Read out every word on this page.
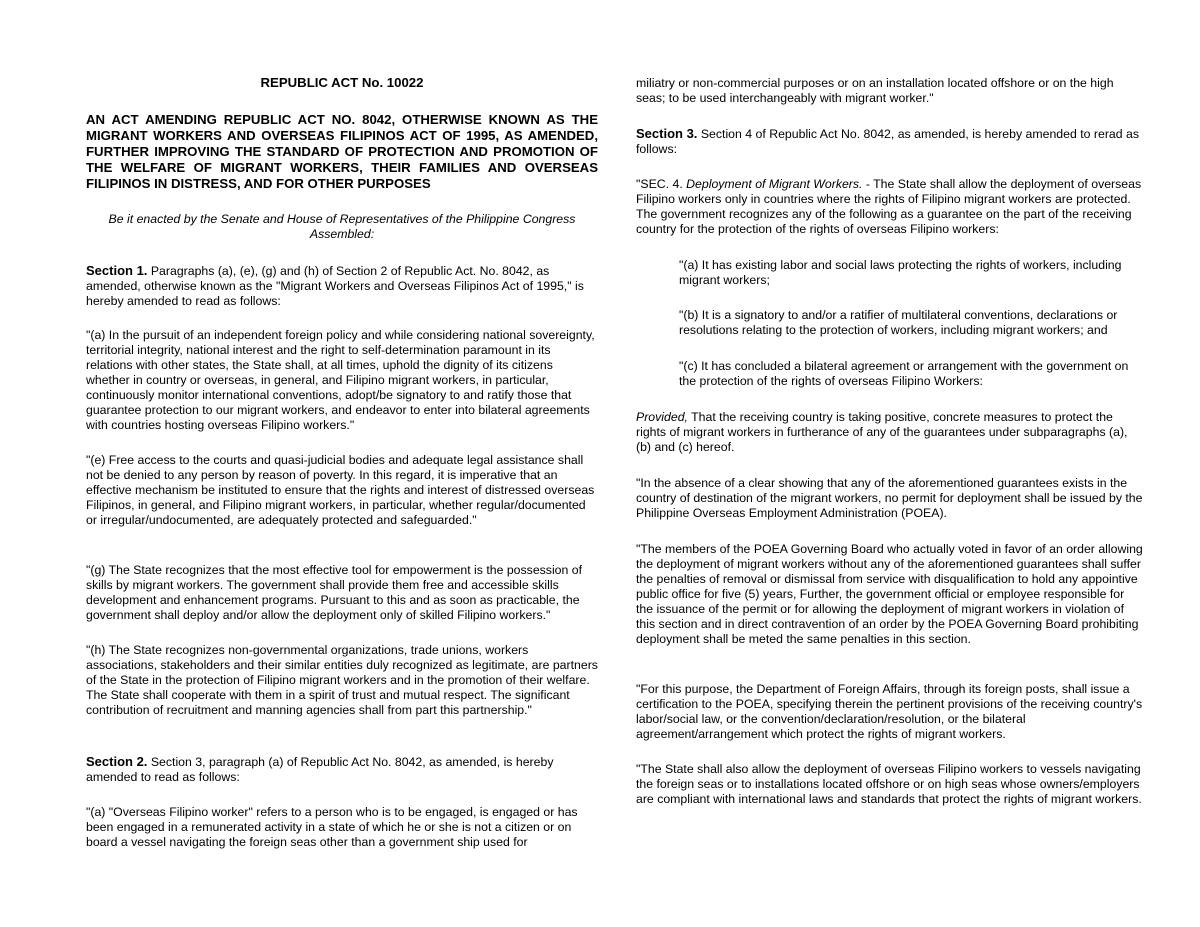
REPUBLIC ACT No. 10022

AN ACT AMENDING REPUBLIC ACT NO. 8042, OTHERWISE KNOWN AS THE MIGRANT WORKERS AND OVERSEAS FILIPINOS ACT OF 1995, AS AMENDED, FURTHER IMPROVING THE STANDARD OF PROTECTION AND PROMOTION OF THE WELFARE OF MIGRANT WORKERS, THEIR FAMILIES AND OVERSEAS FILIPINOS IN DISTRESS, AND FOR OTHER PURPOSES

Be it enacted by the Senate and House of Representatives of the Philippine Congress Assembled:

Section 1. Paragraphs (a), (e), (g) and (h) of Section 2 of Republic Act. No. 8042, as amended, otherwise known as the "Migrant Workers and Overseas Filipinos Act of 1995," is hereby amended to read as follows:

"(a) In the pursuit of an independent foreign policy and while considering national sovereignty, territorial integrity, national interest and the right to self-determination paramount in its relations with other states, the State shall, at all times, uphold the dignity of its citizens whether in country or overseas, in general, and Filipino migrant workers, in particular, continuously monitor international conventions, adopt/be signatory to and ratify those that guarantee protection to our migrant workers, and endeavor to enter into bilateral agreements with countries hosting overseas Filipino workers."

"(e) Free access to the courts and quasi-judicial bodies and adequate legal assistance shall not be denied to any person by reason of poverty. In this regard, it is imperative that an effective mechanism be instituted to ensure that the rights and interest of distressed overseas Filipinos, in general, and Filipino migrant workers, in particular, whether regular/documented or irregular/undocumented, are adequately protected and safeguarded."

"(g) The State recognizes that the most effective tool for empowerment is the possession of skills by migrant workers. The government shall provide them free and accessible skills development and enhancement programs. Pursuant to this and as soon as practicable, the government shall deploy and/or allow the deployment only of skilled Filipino workers."

"(h) The State recognizes non-governmental organizations, trade unions, workers associations, stakeholders and their similar entities duly recognized as legitimate, are partners of the State in the protection of Filipino migrant workers and in the promotion of their welfare. The State shall cooperate with them in a spirit of trust and mutual respect. The significant contribution of recruitment and manning agencies shall from part this partnership."

Section 2. Section 3, paragraph (a) of Republic Act No. 8042, as amended, is hereby amended to read as follows:

"(a) "Overseas Filipino worker" refers to a person who is to be engaged, is engaged or has been engaged in a remunerated activity in a state of which he or she is not a citizen or on board a vessel navigating the foreign seas other than a government ship used for

miliatry or non-commercial purposes or on an installation located offshore or on the high seas; to be used interchangeably with migrant worker."

Section 3. Section 4 of Republic Act No. 8042, as amended, is hereby amended to rerad as follows:

"SEC. 4. Deployment of Migrant Workers. - The State shall allow the deployment of overseas Filipino workers only in countries where the rights of Filipino migrant workers are protected. The government recognizes any of the following as a guarantee on the part of the receiving country for the protection of the rights of overseas Filipino workers:

"(a) It has existing labor and social laws protecting the rights of workers, including migrant workers;

"(b) It is a signatory to and/or a ratifier of multilateral conventions, declarations or resolutions relating to the protection of workers, including migrant workers; and

"(c) It has concluded a bilateral agreement or arrangement with the government on the protection of the rights of overseas Filipino Workers:

Provided, That the receiving country is taking positive, concrete measures to protect the rights of migrant workers in furtherance of any of the guarantees under subparagraphs (a), (b) and (c) hereof.

"In the absence of a clear showing that any of the aforementioned guarantees exists in the country of destination of the migrant workers, no permit for deployment shall be issued by the Philippine Overseas Employment Administration (POEA).

"The members of the POEA Governing Board who actually voted in favor of an order allowing the deployment of migrant workers without any of the aforementioned guarantees shall suffer the penalties of removal or dismissal from service with disqualification to hold any appointive public office for five (5) years, Further, the government official or employee responsible for the issuance of the permit or for allowing the deployment of migrant workers in violation of this section and in direct contravention of an order by the POEA Governing Board prohibiting deployment shall be meted the same penalties in this section.

"For this purpose, the Department of Foreign Affairs, through its foreign posts, shall issue a certification to the POEA, specifying therein the pertinent provisions of the receiving country's labor/social law, or the convention/declaration/resolution, or the bilateral agreement/arrangement which protect the rights of migrant workers.

"The State shall also allow the deployment of overseas Filipino workers to vessels navigating the foreign seas or to installations located offshore or on high seas whose owners/employers are compliant with international laws and standards that protect the rights of migrant workers.
